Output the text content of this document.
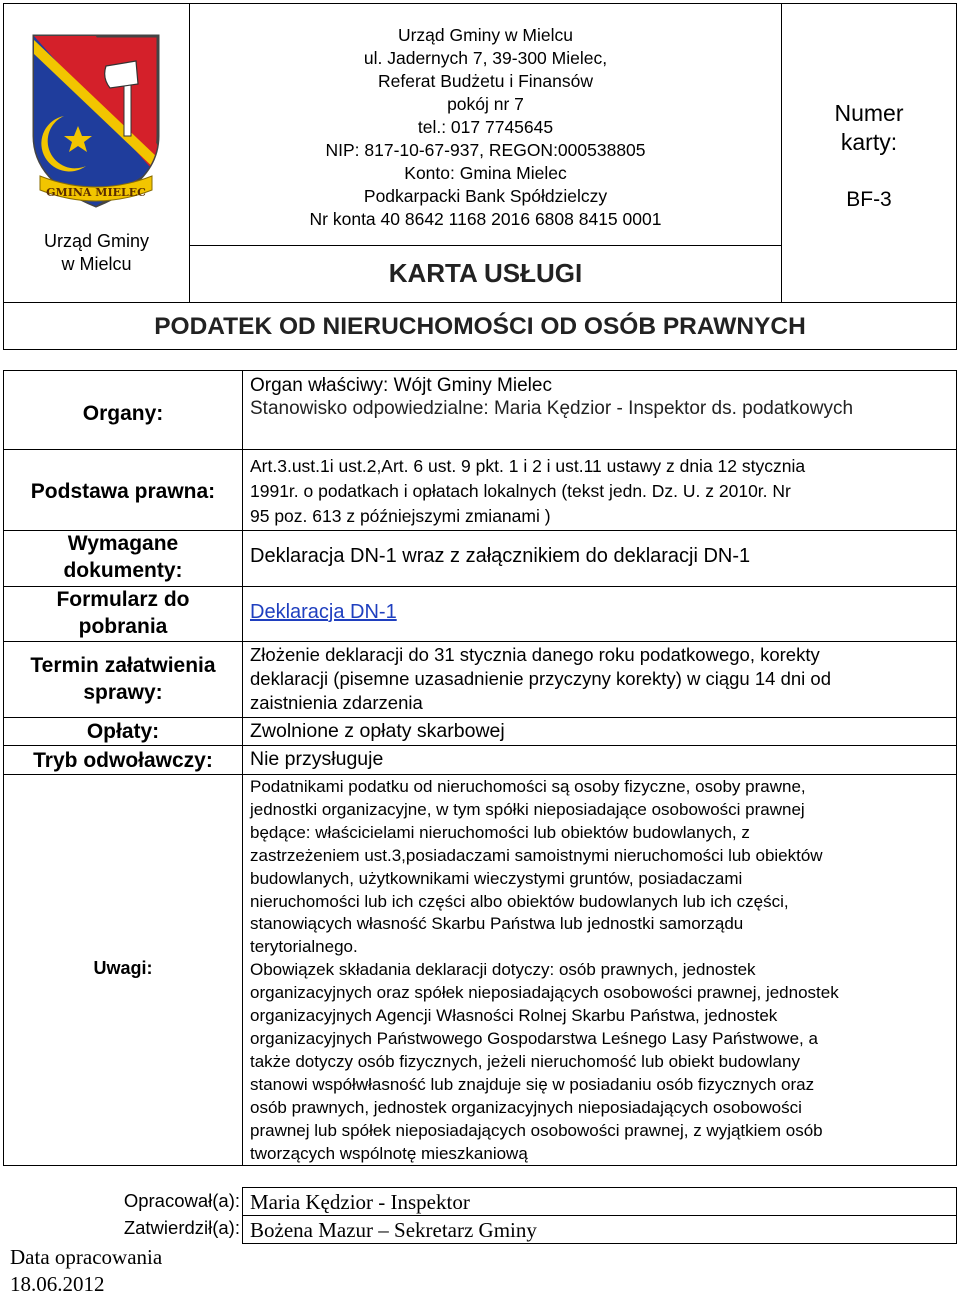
GMINA MIELEC
Urząd Gminy
w Mielcu
Urząd Gminy w Mielcu
ul. Jadernych 7, 39-300 Mielec,
Referat Budżetu i Finansów
pokój nr 7
tel.: 017 7745645
NIP: 817-10-67-937, REGON:000538805
Konto: Gmina Mielec
Podkarpacki Bank Spółdzielczy
Nr konta 40 8642 1168 2016 6808 8415 0001
KARTA USŁUGI
Numer
karty:
BF-3
PODATEK OD NIERUCHOMOŚCI OD OSÓB PRAWNYCH
Organy:
Organ właściwy: Wójt Gminy Mielec
Stanowisko odpowiedzialne: Maria Kędzior - Inspektor ds. podatkowych
Podstawa prawna:
Art.3.ust.1i ust.2,Art. 6 ust. 9 pkt. 1 i 2 i ust.11 ustawy z dnia 12 stycznia
1991r. o podatkach i opłatach lokalnych (tekst jedn. Dz. U. z 2010r. Nr
95 poz. 613 z późniejszymi zmianami )
Wymagane
dokumenty:
Deklaracja DN-1 wraz z załącznikiem do deklaracji DN-1
Formularz do
pobrania
Deklaracja DN-1
Termin załatwienia
sprawy:
Złożenie deklaracji do 31 stycznia danego roku podatkowego, korekty
deklaracji (pisemne uzasadnienie przyczyny korekty) w ciągu 14 dni od
zaistnienia zdarzenia
Opłaty:	Zwolnione z opłaty skarbowej
Tryb odwoławczy:	Nie przysługuje
Uwagi:
Podatnikami podatku od nieruchomości są osoby fizyczne, osoby prawne,
jednostki organizacyjne, w tym spółki nieposiadające osobowości prawnej
będące: właścicielami nieruchomości lub obiektów budowlanych, z
zastrzeżeniem ust.3,posiadaczami samoistnymi nieruchomości lub obiektów
budowlanych, użytkownikami wieczystymi gruntów, posiadaczami
nieruchomości lub ich części albo obiektów budowlanych lub ich części,
stanowiących własność Skarbu Państwa lub jednostki samorządu
terytorialnego.
Obowiązek składania deklaracji dotyczy: osób prawnych, jednostek
organizacyjnych oraz spółek nieposiadających osobowości prawnej, jednostek
organizacyjnych Agencji Własności Rolnej Skarbu Państwa, jednostek
organizacyjnych Państwowego Gospodarstwa Leśnego Lasy Państwowe, a
także dotyczy osób fizycznych, jeżeli nieruchomość lub obiekt budowlany
stanowi współwłasność lub znajduje się w posiadaniu osób fizycznych oraz
osób prawnych, jednostek organizacyjnych nieposiadających osobowości
prawnej lub spółek nieposiadających osobowości prawnej, z wyjątkiem osób
tworzących wspólnotę mieszkaniową
Opracował(a): Maria Kędzior - Inspektor
Zatwierdził(a): Bożena Mazur – Sekretarz Gminy
Data opracowania
18.06.2012
